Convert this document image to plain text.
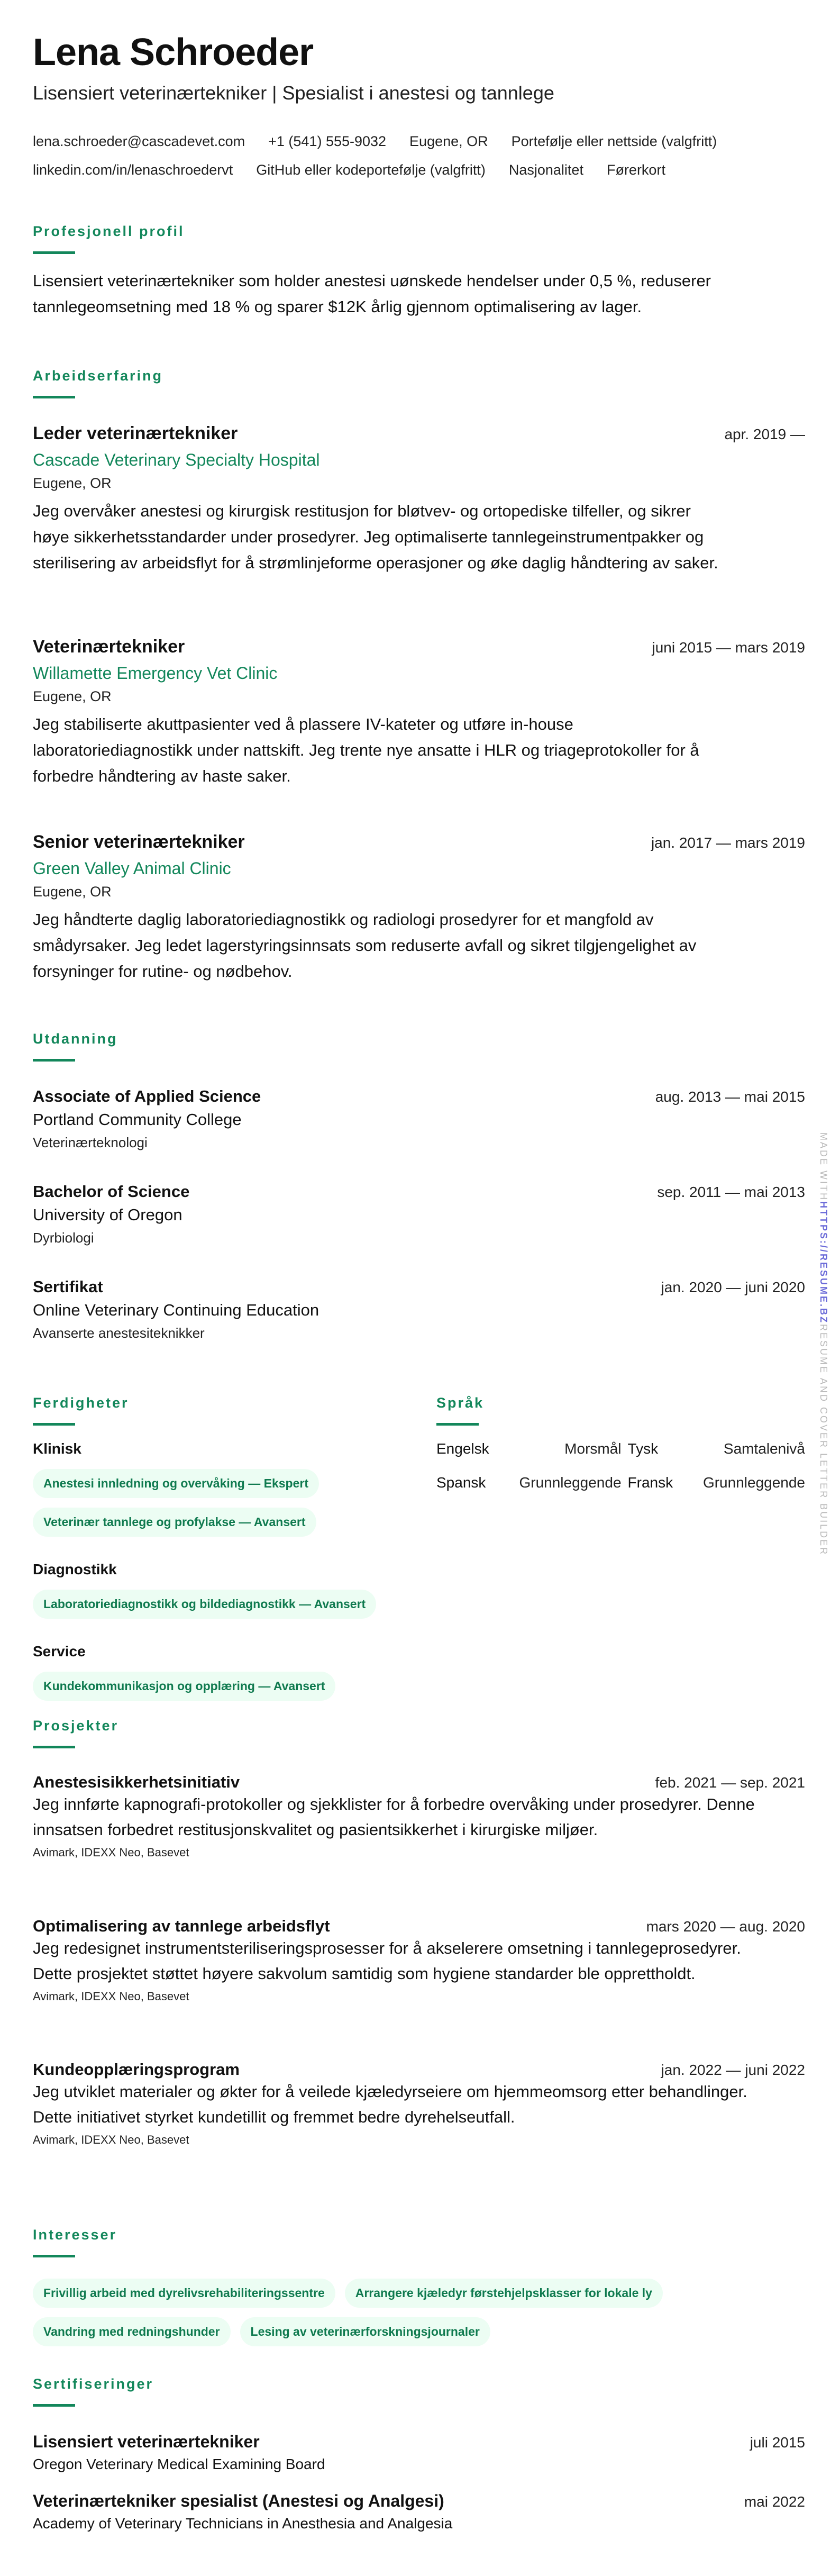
Lena Schroeder
Lisensiert veterinærtekniker | Spesialist i anestesi og tannlege
lena.schroeder@cascadevet.com +1 (541) 555-9032 Eugene, OR Portefølje eller nettside (valgfritt)
linkedin.com/in/lenaschroedervt GitHub eller kodeportefølje (valgfritt) Nasjonalitet Førerkort
Profesjonell profil
Lisensiert veterinærtekniker som holder anestesi uønskede hendelser under 0,5 %, reduserer tannlegeomsetning med 18 % og sparer $12K årlig gjennom optimalisering av lager.
Arbeidserfaring
Leder veterinærtekniker	apr. 2019 —
Cascade Veterinary Specialty Hospital
Eugene, OR
Jeg overvåker anestesi og kirurgisk restitusjon for bløtvev- og ortopediske tilfeller, og sikrer høye sikkerhetsstandarder under prosedyrer. Jeg optimaliserte tannlegeinstrumentpakker og sterilisering av arbeidsflyt for å strømlinjeforme operasjoner og øke daglig håndtering av saker.
Veterinærtekniker	juni 2015 — mars 2019
Willamette Emergency Vet Clinic
Eugene, OR
Jeg stabiliserte akuttpasienter ved å plassere IV-kateter og utføre in-house laboratoriediagnostikk under nattskift. Jeg trente nye ansatte i HLR og triageprotokoller for å forbedre håndtering av haste saker.
Senior veterinærtekniker	jan. 2017 — mars 2019
Green Valley Animal Clinic
Eugene, OR
Jeg håndterte daglig laboratoriediagnostikk og radiologi prosedyrer for et mangfold av smådyrsaker. Jeg ledet lagerstyringsinnsats som reduserte avfall og sikret tilgjengelighet av forsyninger for rutine- og nødbehov.
Utdanning
Associate of Applied Science	aug. 2013 — mai 2015
Portland Community College
Veterinærteknologi
Bachelor of Science	sep. 2011 — mai 2013
University of Oregon
Dyrbiologi
Sertifikat	jan. 2020 — juni 2020
Online Veterinary Continuing Education
Avanserte anestesiteknikker
Ferdigheter
Klinisk
Anestesi innledning og overvåking — Ekspert
Veterinær tannlege og profylakse — Avansert
Diagnostikk
Laboratoriediagnostikk og bildediagnostikk — Avansert
Service
Kundekommunikasjon og opplæring — Avansert
Språk
Engelsk	Morsmål Tysk	Samtalenivå
Spansk	Grunnleggende Fransk	Grunnleggende
Prosjekter
Anestesisikkerhetsinitiativ	feb. 2021 — sep. 2021
Jeg innførte kapnografi-protokoller og sjekklister for å forbedre overvåking under prosedyrer. Denne innsatsen forbedret restitusjonskvalitet og pasientsikkerhet i kirurgiske miljøer.
Avimark, IDEXX Neo, Basevet
Optimalisering av tannlege arbeidsflyt	mars 2020 — aug. 2020
Jeg redesignet instrumentsteriliseringsprosesser for å akselerere omsetning i tannlegeprosedyrer. Dette prosjektet støttet høyere sakvolum samtidig som hygiene standarder ble opprettholdt.
Avimark, IDEXX Neo, Basevet
Kundeopplæringsprogram	jan. 2022 — juni 2022
Jeg utviklet materialer og økter for å veilede kjæledyrseiere om hjemmeomsorg etter behandlinger. Dette initiativet styrket kundetillit og fremmet bedre dyrehelseutfall.
Avimark, IDEXX Neo, Basevet
Interesser
Frivillig arbeid med dyrelivsrehabiliteringssentre	Arrangere kjæledyr førstehjelpsklasser for lokale lyVandring med redningshunder	Lesing av veterinærforskningsjournaler
Sertifiseringer
Lisensiert veterinærtekniker	juli 2015
Oregon Veterinary Medical Examining Board
Veterinærtekniker spesialist (Anestesi og Analgesi)	mai 2022
Academy of Veterinary Technicians in Anesthesia and Analgesia
MADE WITHHTTPS://RESUME.BZRESUME AND COVER LETTER BUILDER
